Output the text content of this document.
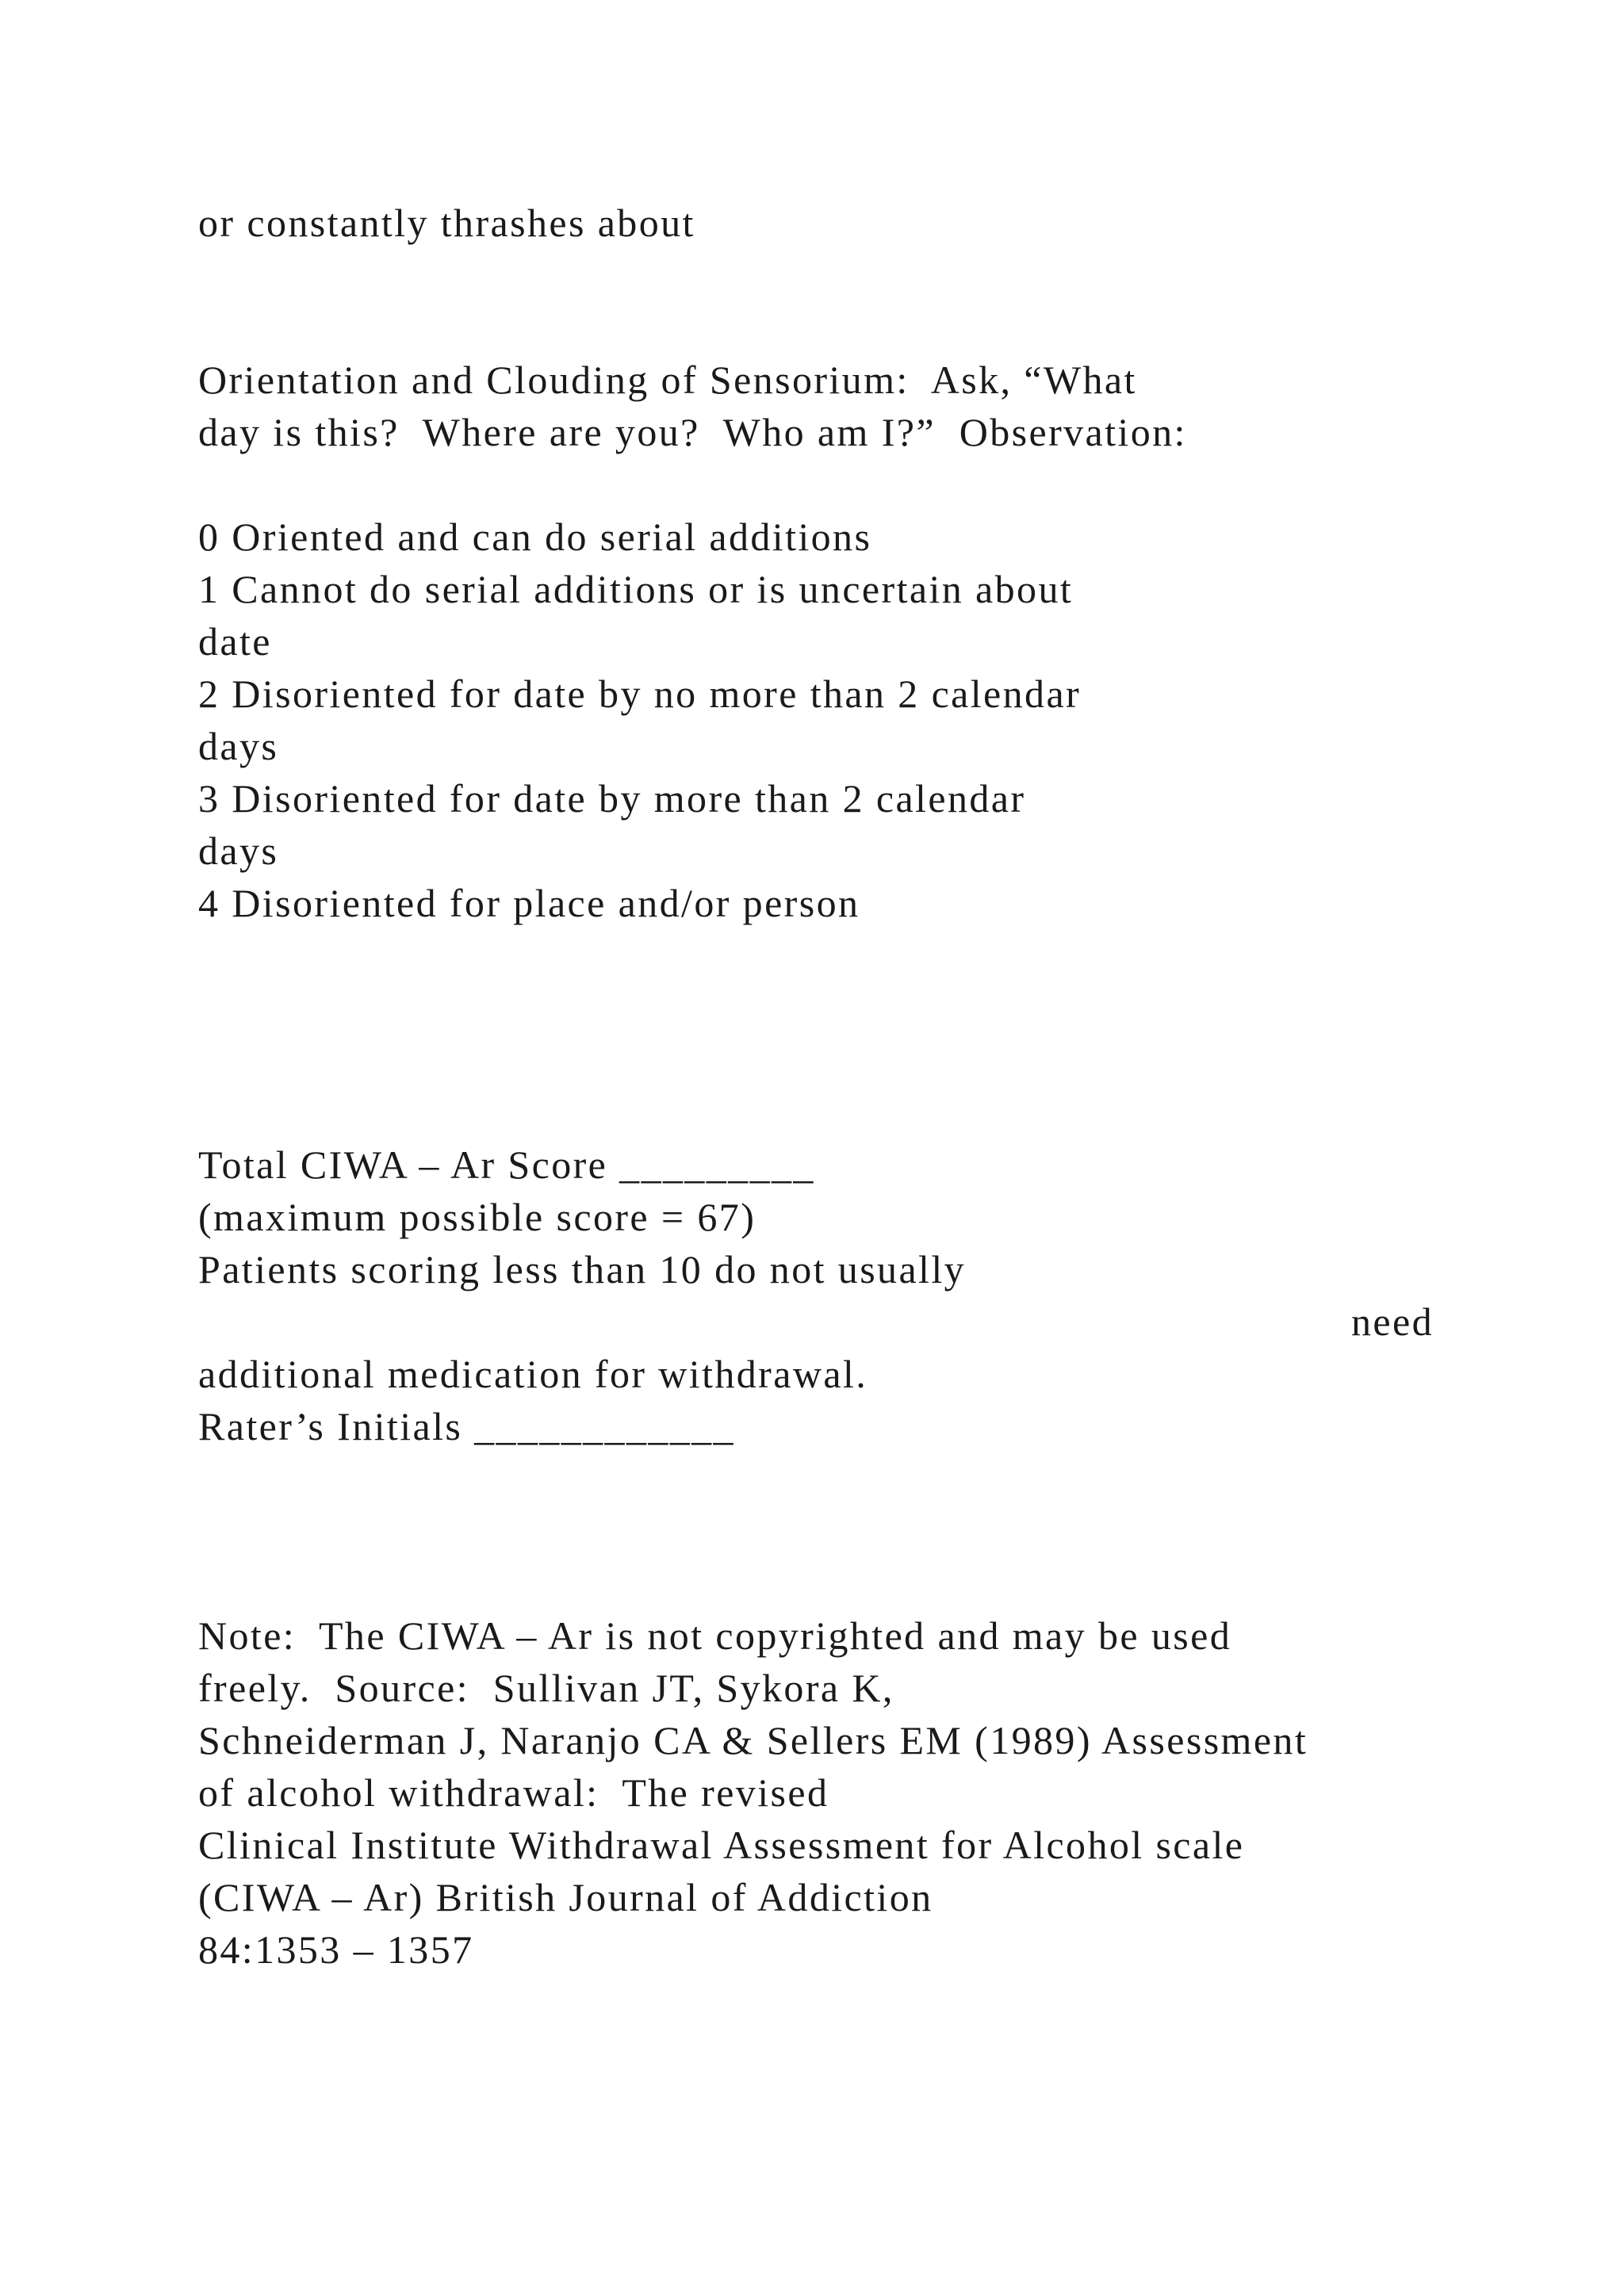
or constantly thrashes about

Orientation and Clouding of Sensorium:  Ask, “What

day is this?  Where are you?  Who am I?”  Observation:

0 Oriented and can do serial additions

1 Cannot do serial additions or is uncertain about

date

2 Disoriented for date by no more than 2 calendar

days

3 Disoriented for date by more than 2 calendar

days

4 Disoriented for place and/or person

Total CIWA – Ar Score _________

(maximum possible score = 67)

Patients scoring less than 10 do not usually

need

additional medication for withdrawal.

Rater’s Initials ____________

Note:  The CIWA – Ar is not copyrighted and may be used

freely.  Source:  Sullivan JT, Sykora K,

Schneiderman J, Naranjo CA & Sellers EM (1989) Assessment

of alcohol withdrawal:  The revised

Clinical Institute Withdrawal Assessment for Alcohol scale

(CIWA – Ar) British Journal of Addiction

84:1353 – 1357
